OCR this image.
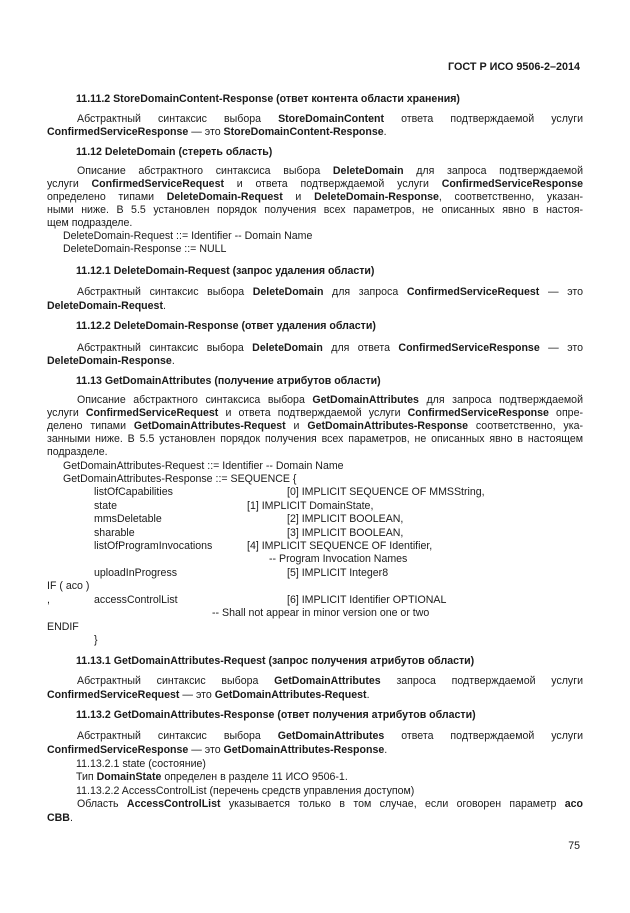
ГОСТ Р ИСО 9506-2–2014
11.11.2 StoreDomainContent-Response (ответ контента области хранения)
Абстрактный синтаксис выбора StoreDomainContent ответа подтверждаемой услуги
ConfirmedServiceResponse — это StoreDomainContent-Response.
11.12 DeleteDomain (стереть область)
Описание абстрактного синтаксиса выбора DeleteDomain для запроса подтверждаемой
услуги ConfirmedServiceRequest и ответа подтверждаемой услуги ConfirmedServiceResponse
определено типами DeleteDomain-Request и DeleteDomain-Response, соответственно, указан-
ными ниже. В 5.5 установлен порядок получения всех параметров, не описанных явно в настоя-
щем подразделе.
DeleteDomain-Request ::= Identifier -- Domain Name
DeleteDomain-Response ::= NULL
11.12.1 DeleteDomain-Request (запрос удаления области)
Абстрактный синтаксис выбора DeleteDomain для запроса ConfirmedServiceRequest — это
DeleteDomain-Request.
11.12.2 DeleteDomain-Response (ответ удаления области)
Абстрактный синтаксис выбора DeleteDomain для ответа ConfirmedServiceResponse — это
DeleteDomain-Response.
11.13 GetDomainAttributes (получение атрибутов области)
Описание абстрактного синтаксиса выбора GetDomainAttributes для запроса подтверждаемой
услуги ConfirmedServiceRequest и ответа подтверждаемой услуги ConfirmedServiceResponse опре-
делено типами GetDomainAttributes-Request и GetDomainAttributes-Response соответственно, ука-
занными ниже. В 5.5 установлен порядок получения всех параметров, не описанных явно в настоящем
подразделе.
GetDomainAttributes-Request ::= Identifier -- Domain Name
GetDomainAttributes-Response ::= SEQUENCE {
listOfCapabilities	[0] IMPLICIT SEQUENCE OF MMSString,
state	[1] IMPLICIT DomainState,
mmsDeletable	[2] IMPLICIT BOOLEAN,
sharable	[3] IMPLICIT BOOLEAN,
listOfProgramInvocations	[4] IMPLICIT SEQUENCE OF Identifier,
-- Program Invocation Names
uploadInProgress	[5] IMPLICIT Integer8
IF ( aco )
,	accessControlList	[6] IMPLICIT Identifier OPTIONAL
-- Shall not appear in minor version one or two
ENDIF
}
11.13.1 GetDomainAttributes-Request (запрос получения атрибутов области)
Абстрактный синтаксис выбора GetDomainAttributes запроса подтверждаемой услуги
ConfirmedServiceRequest — это GetDomainAttributes-Request.
11.13.2 GetDomainAttributes-Response (ответ получения атрибутов области)
Абстрактный синтаксис выбора GetDomainAttributes ответа подтверждаемой услуги
ConfirmedServiceResponse — это GetDomainAttributes-Response.
11.13.2.1 state (состояние)
Тип DomainState определен в разделе 11 ИСО 9506-1.
11.13.2.2 AccessControlList (перечень средств управления доступом)
Область AccessControlList указывается только в том случае, если оговорен параметр aco
CBB.
75
